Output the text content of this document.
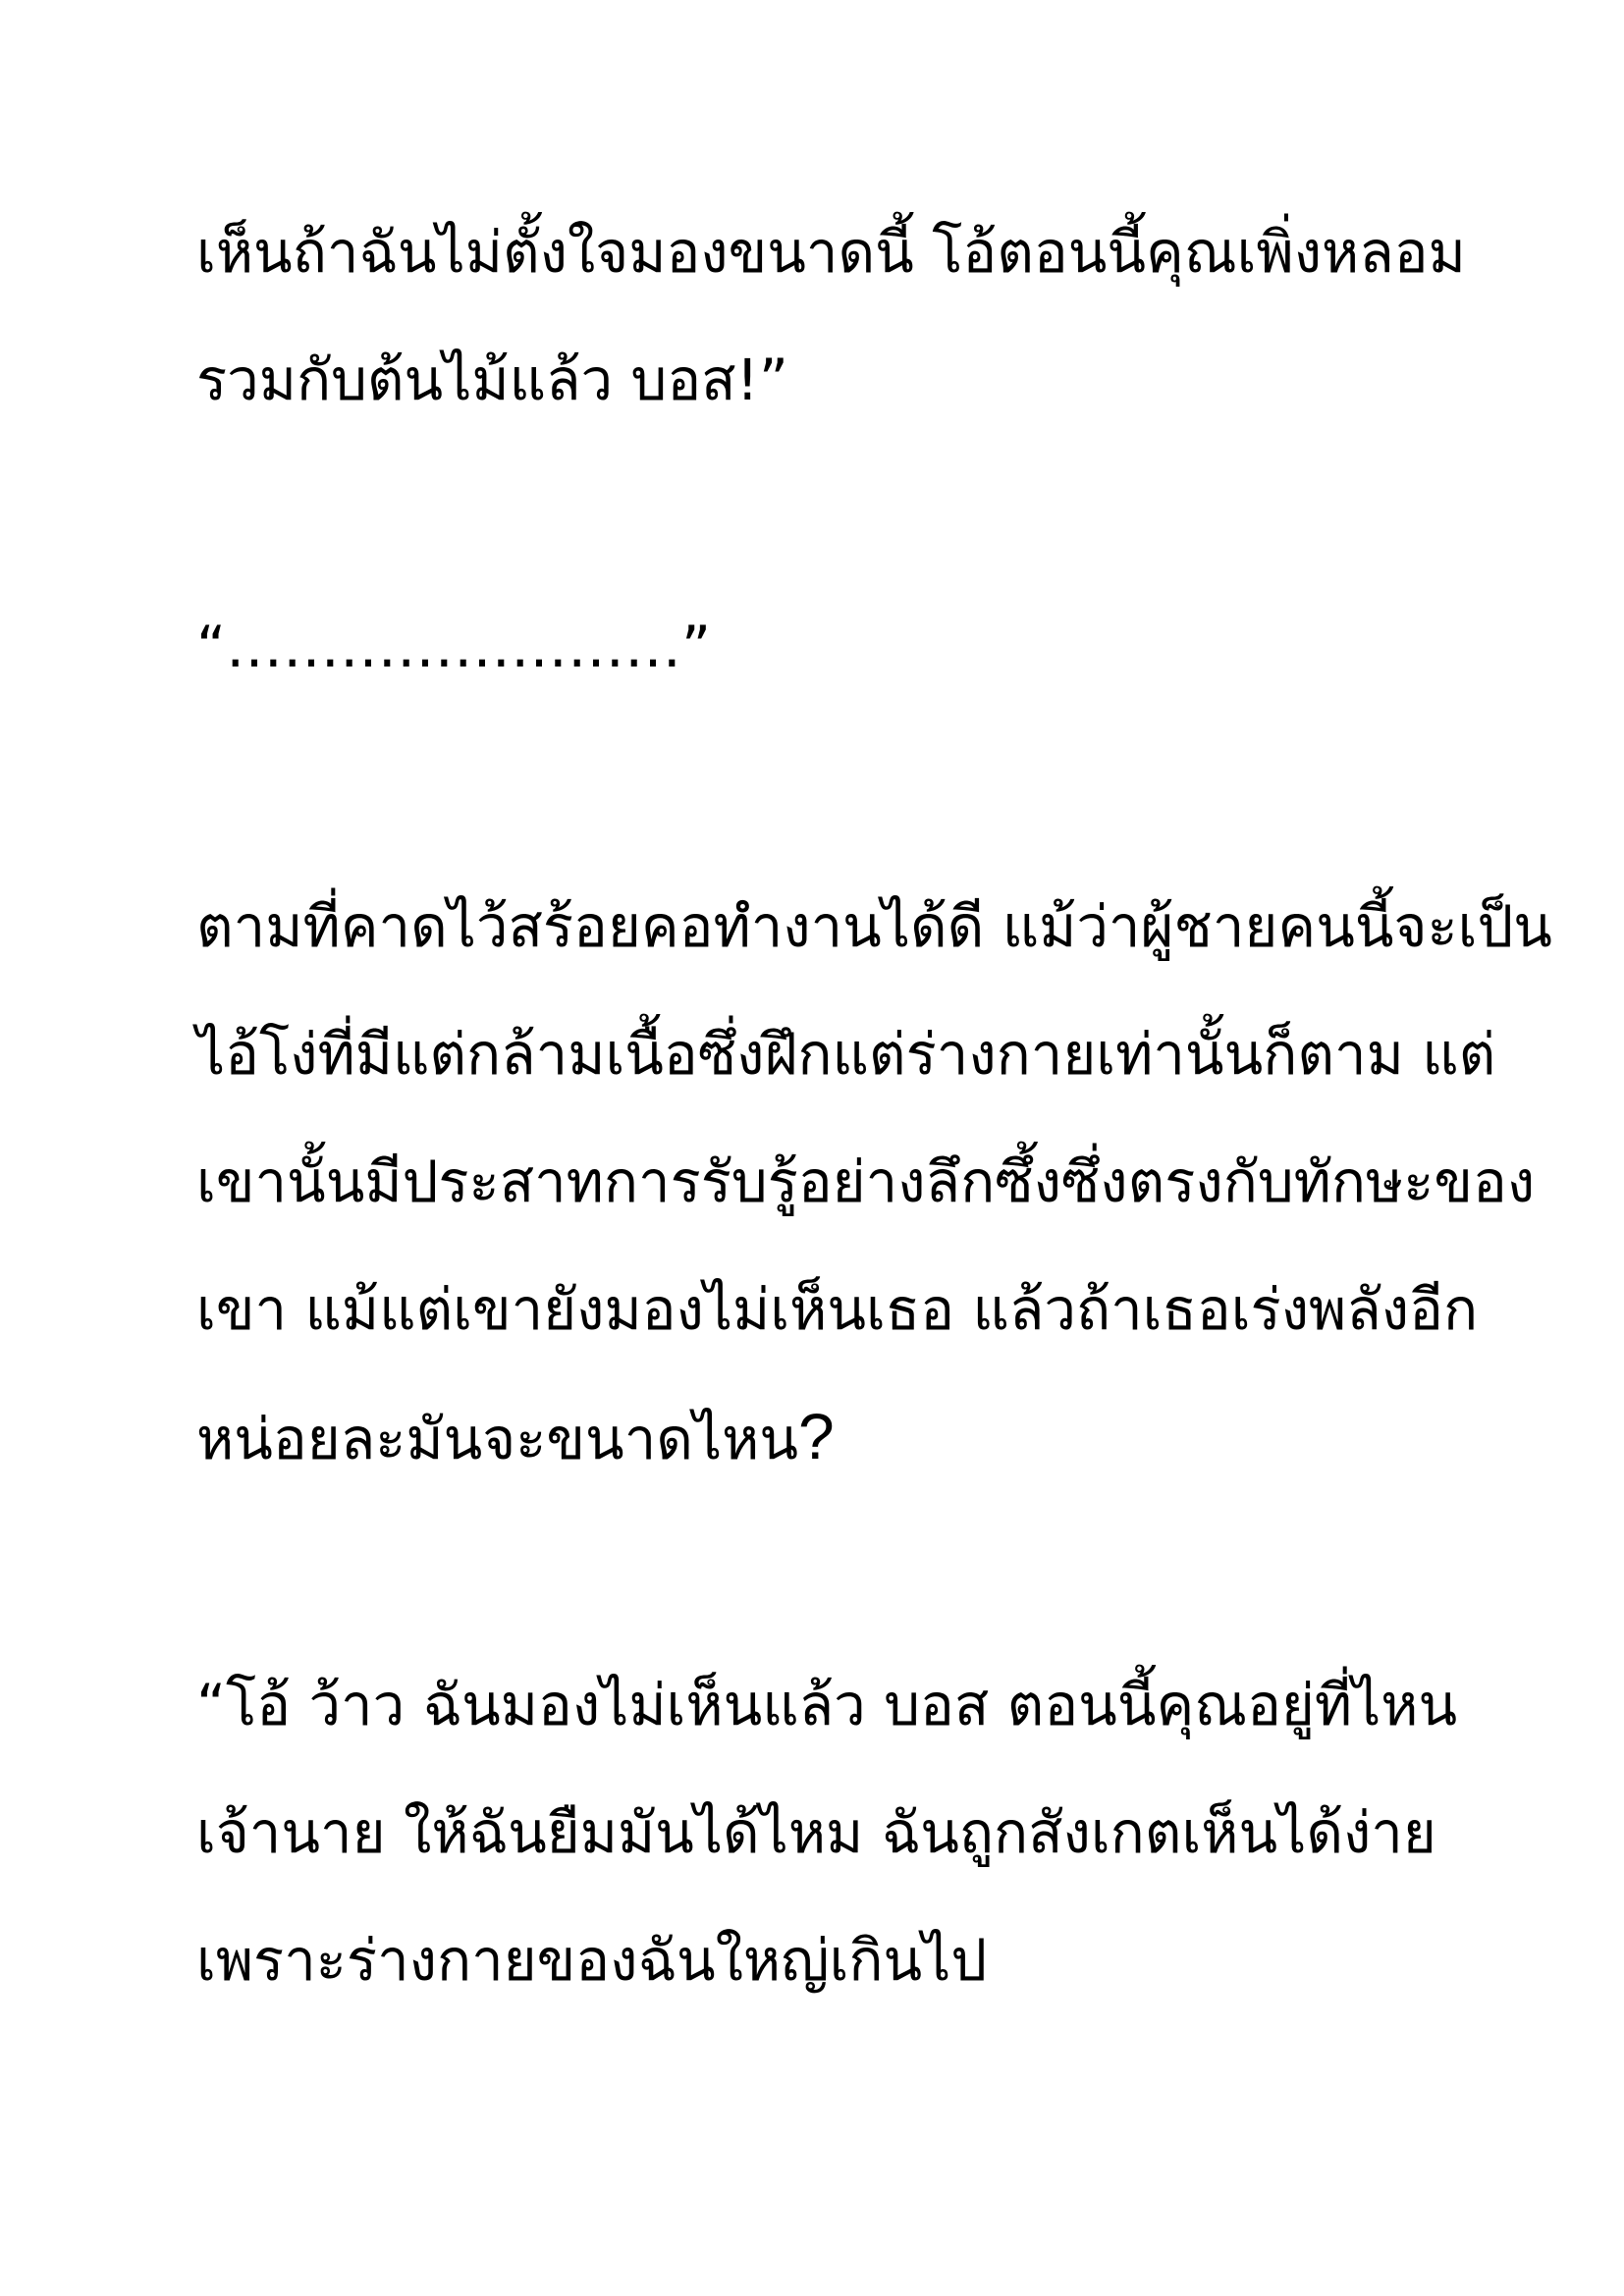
เห็นถ้าฉันไม่ตั้งใจมองขนาดนี้ โอ้ตอนนี้คุณเพิ่งหลอม
รวมกับต้นไม้แล้ว บอส!”
“……………………”
ตามที่คาดไว้สร้อยคอทำงานได้ดี แม้ว่าผู้ชายคนนี้จะเป็น
ไอ้โง่ที่มีแต่กล้ามเนื้อซึ่งฝึกแต่ร่างกายเท่านั้นก็ตาม แต่
เขานั้นมีประสาทการรับรู้อย่างลึกซึ้งซึ่งตรงกับทักษะของ
เขา แม้แต่เขายังมองไม่เห็นเธอ แล้วถ้าเธอเร่งพลังอีก
หน่อยละมันจะขนาดไหน?
“โอ้ ว้าว ฉันมองไม่เห็นแล้ว บอส ตอนนี้คุณอยู่ที่ไหน
เจ้านาย ให้ฉันยืมมันได้ไหม ฉันถูกสังเกตเห็นได้ง่าย
เพราะร่างกายของฉันใหญ่เกินไป
